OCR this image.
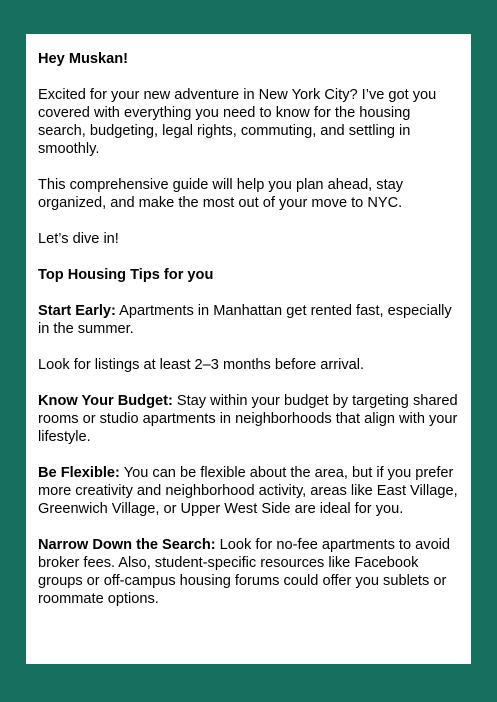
Hey Muskan!

Excited for your new adventure in New York City? I’ve got you covered with everything you need to know for the housing search, budgeting, legal rights, commuting, and settling in smoothly.

This comprehensive guide will help you plan ahead, stay organized, and make the most out of your move to NYC.

Let’s dive in!

Top Housing Tips for you

Start Early: Apartments in Manhattan get rented fast, especially in the summer.

Look for listings at least 2–3 months before arrival.

Know Your Budget: Stay within your budget by targeting shared rooms or studio apartments in neighborhoods that align with your lifestyle.

Be Flexible: You can be flexible about the area, but if you prefer more creativity and neighborhood activity, areas like East Village, Greenwich Village, or Upper West Side are ideal for you.

Narrow Down the Search: Look for no-fee apartments to avoid broker fees. Also, student-specific resources like Facebook groups or off-campus housing forums could offer you sublets or roommate options.
